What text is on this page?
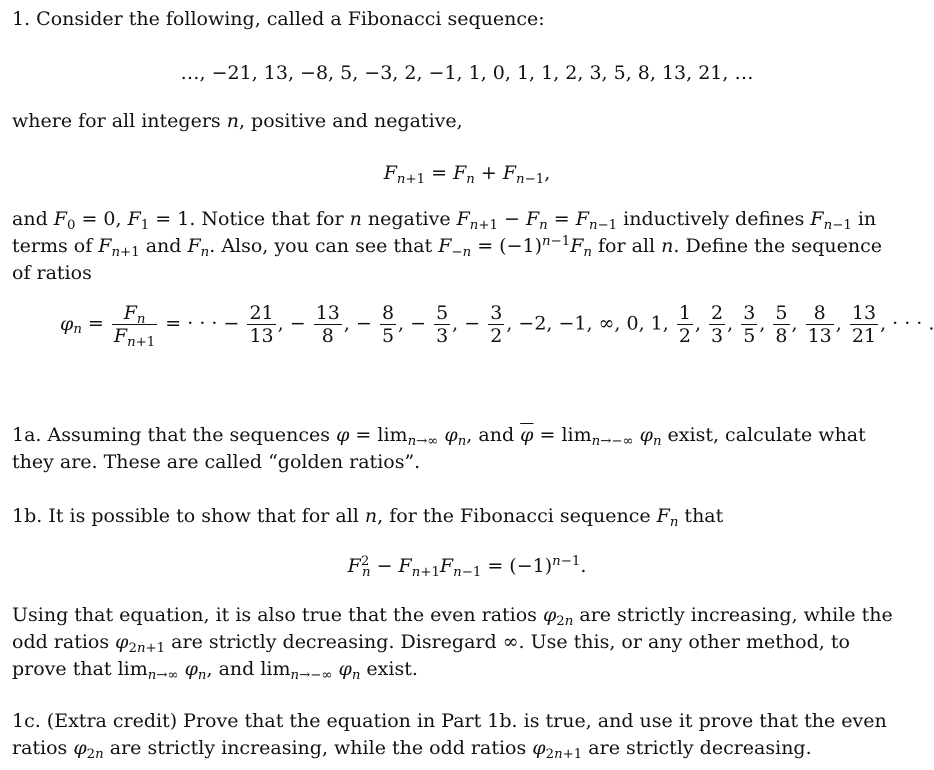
1. Consider the following, called a Fibonacci sequence:
…, −21, 13, −8, 5, −3, 2, −1, 1, 0, 1, 1, 2, 3, 5, 8, 13, 21, …
where for all integers n, positive and negative,
$F_{n+1} = F_n + F_{n-1}$,
and $F_0 = 0$, $F_1 = 1$. Notice that for n negative $F_{n+1} - F_n = F_{n-1}$ inductively defines $F_{n-1}$ in terms of $F_{n+1}$ and $F_n$. Also, you can see that $F_{-n} = (-1)^{n-1}F_n$ for all n. Define the sequence of ratios
$\varphi_n = \frac{F_n}{F_{n+1}}$ = · · · − $\frac{21}{13}$ , − $\frac{13}{8}$ , − $\frac{8}{5}$ , − $\frac{5}{3}$ , − $\frac{3}{2}$ , −2, −1, ∞, 0, 1, $\frac{1}{2}$ , $\frac{2}{3}$ , $\frac{3}{5}$ , $\frac{5}{8}$ , $\frac{8}{13}$ , $\frac{13}{21}$ , · · · .
1a. Assuming that the sequences $\varphi = \lim_{n\to\infty} \varphi_n$, and $\overline{\varphi} = \lim_{n\to-\infty} \varphi_n$ exist, calculate what they are. These are called “golden ratios”.
1b. It is possible to show that for all n, for the Fibonacci sequence $F_n$ that
$F^2_n - F_{n+1}F_{n-1} = (-1)^{n-1}$.
Using that equation, it is also true that the even ratios $\varphi_{2n}$ are strictly increasing, while the odd ratios $\varphi_{2n+1}$ are strictly decreasing. Disregard ∞. Use this, or any other method, to prove that $\lim_{n\to\infty} \varphi_n$, and $\lim_{n\to-\infty} \varphi_n$ exist.
1c. (Extra credit) Prove that the equation in Part 1b. is true, and use it prove that the even ratios $\varphi_{2n}$ are strictly increasing, while the odd ratios $\varphi_{2n+1}$ are strictly decreasing.
